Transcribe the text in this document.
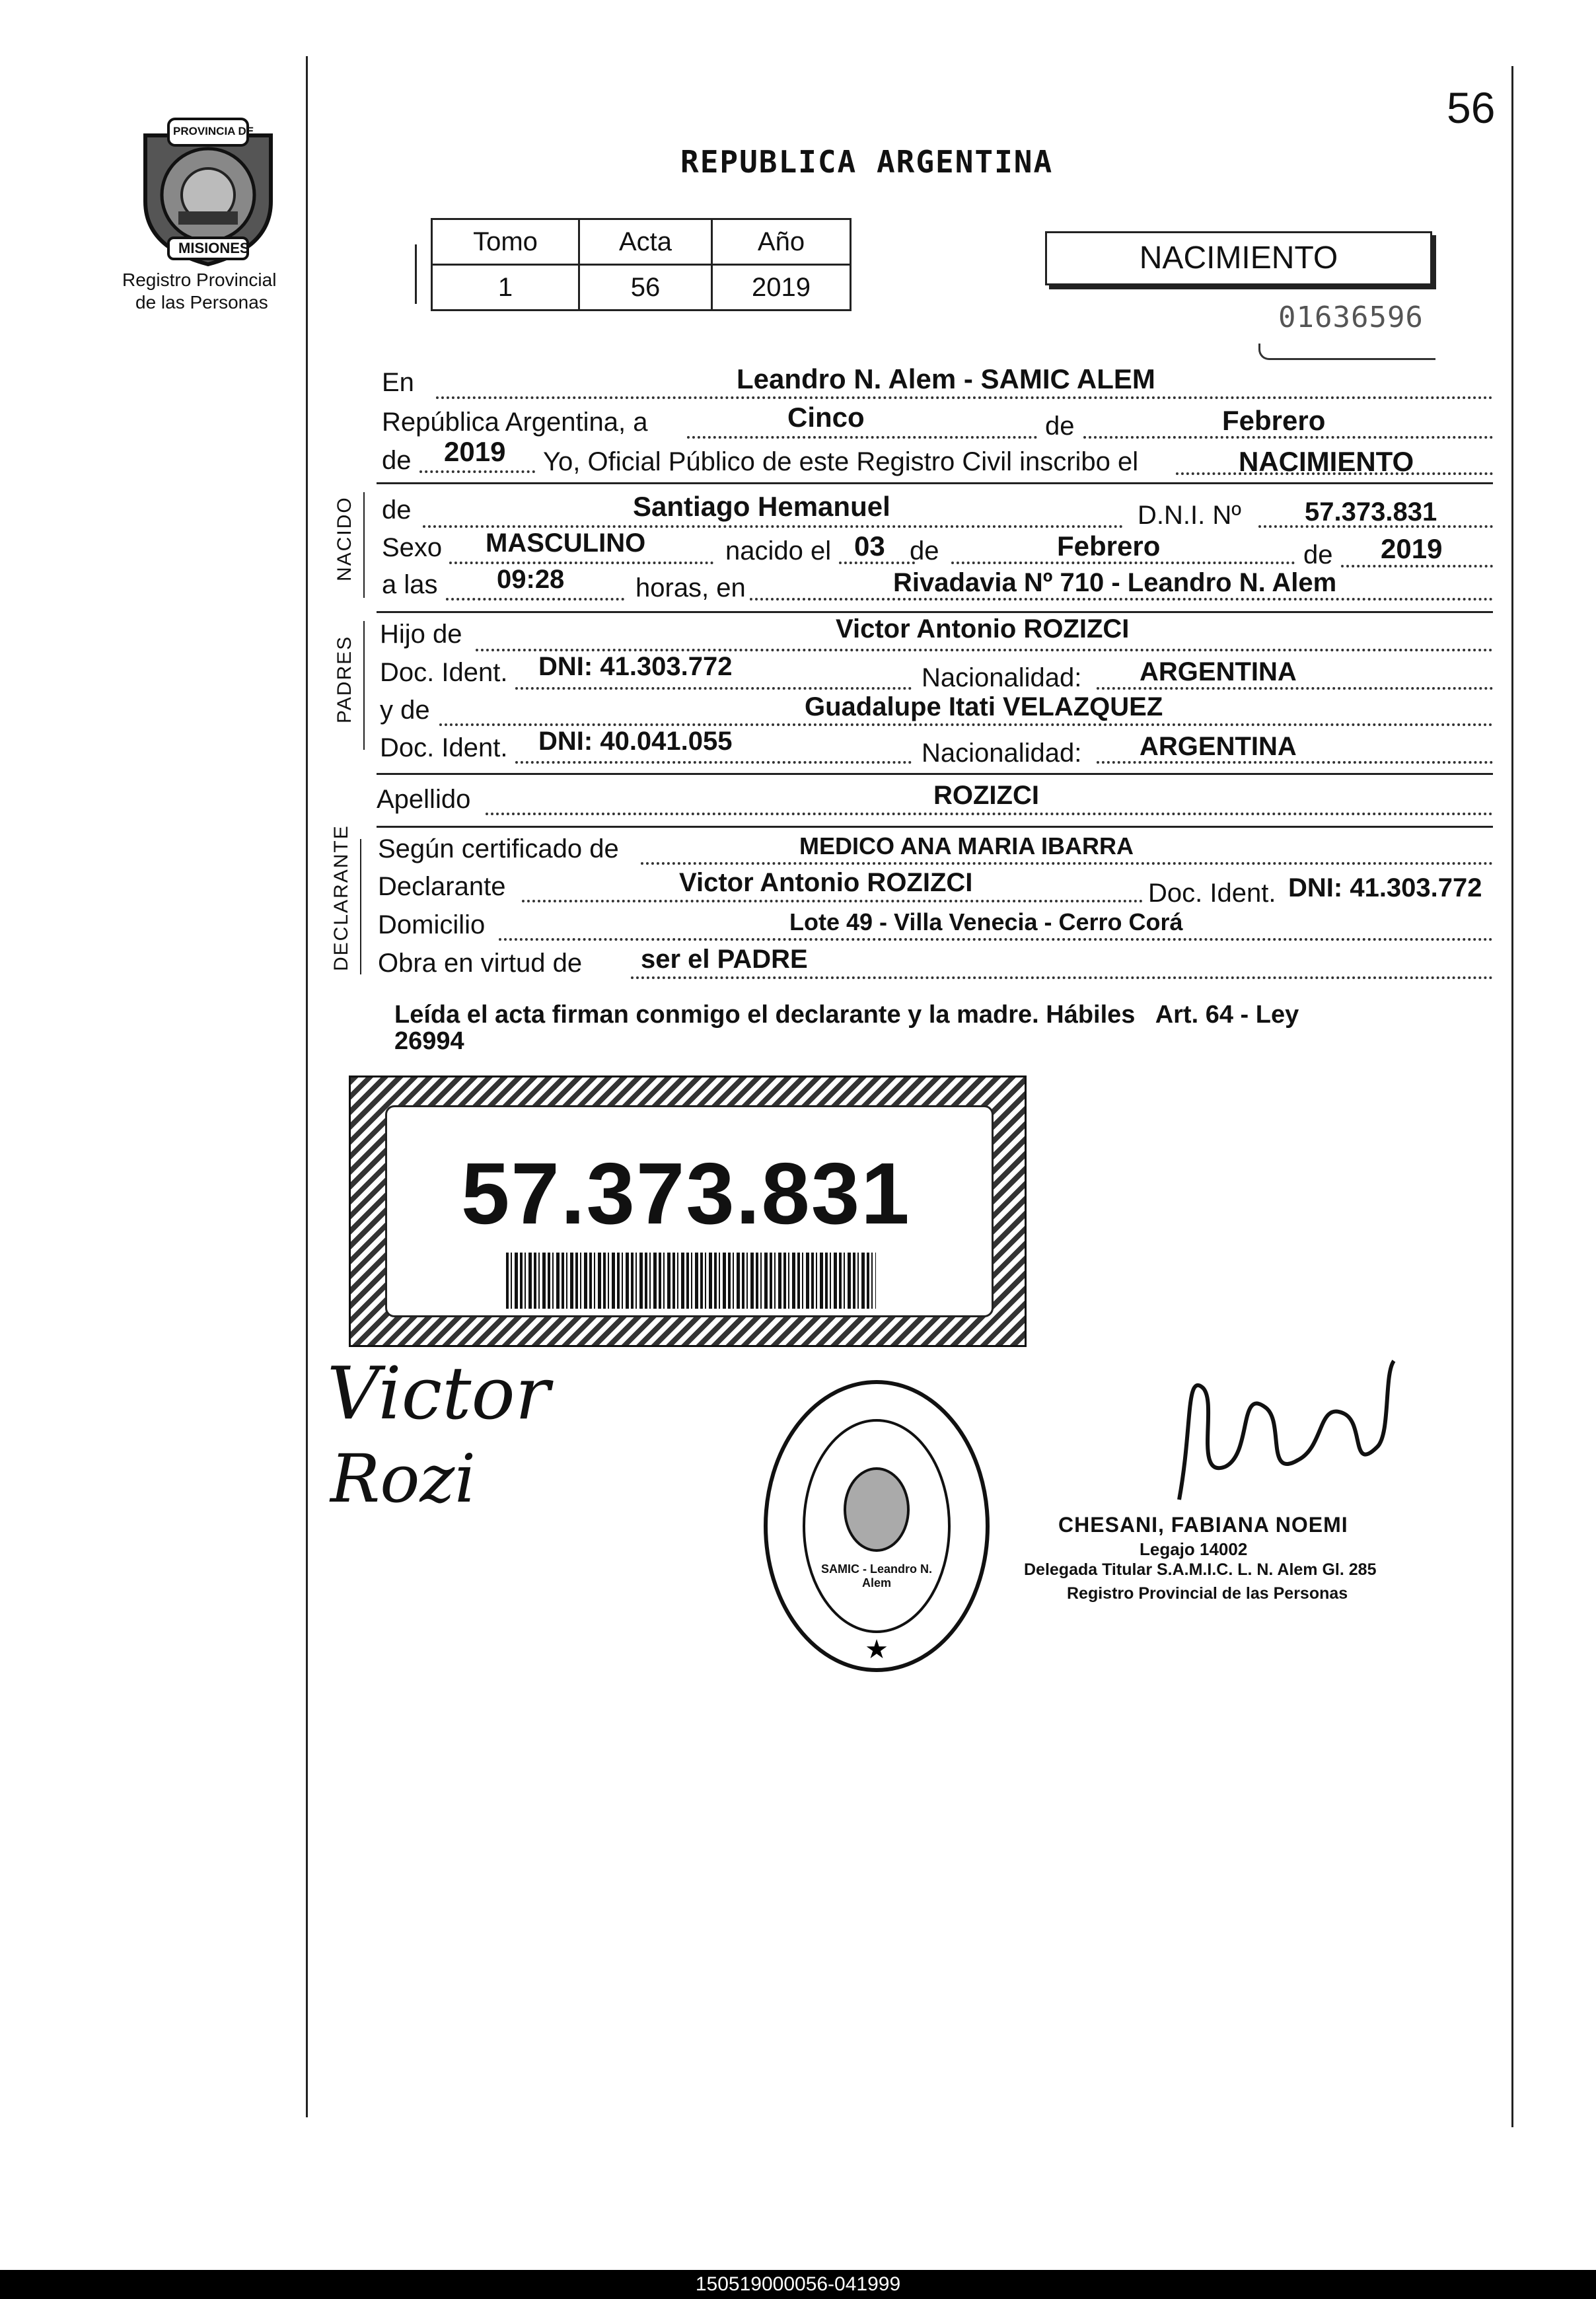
56
PROVINCIA DE
MISIONES
Registro Provincial
de las Personas
REPUBLICA ARGENTINA
Tomo	Acta	Año
1	56	2019
NACIMIENTO
01636596
En	Leandro N. Alem - SAMIC ALEM
República Argentina, a	Cinco	de	Febrero
de 2019 Yo, Oficial Público de este Registro Civil inscribo el	NACIMIENTO
NACIDO de	Santiago Hemanuel	D.N.I. Nº 57.373.831
Sexo MASCULINO	nacido el 03 de	Febrero	de 2019
a las 09:28	horas, en	Rivadavia Nº 710 - Leandro N. Alem
PADRES
Hijo de	Victor Antonio ROZIZCI
Doc. Ident. DNI: 41.303.772	Nacionalidad: ARGENTINA
y de	Guadalupe Itati VELAZQUEZ
Doc. Ident. DNI: 40.041.055	Nacionalidad: ARGENTINA
Apellido	ROZIZCI
DECLARANTE Según certificado de	MEDICO ANA MARIA IBARRA
Declarante	Victor Antonio ROZIZCI	Doc. Ident. DNI: 41.303.772
Domicilio	Lote 49 - Villa Venecia - Cerro Corá
Obra en virtud de ser el PADRE
Leída el acta firman conmigo el declarante y la madre. Hábiles   Art. 64 - Ley
26994
57.373.831
Victor
Rozi
★
SAMIC - Leandro N. Alem
CHESANI, FABIANA NOEMI
Legajo 14002
Delegada Titular S.A.M.I.C. L. N. Alem Gl. 285
Registro Provincial de las Personas
150519000056-041999
